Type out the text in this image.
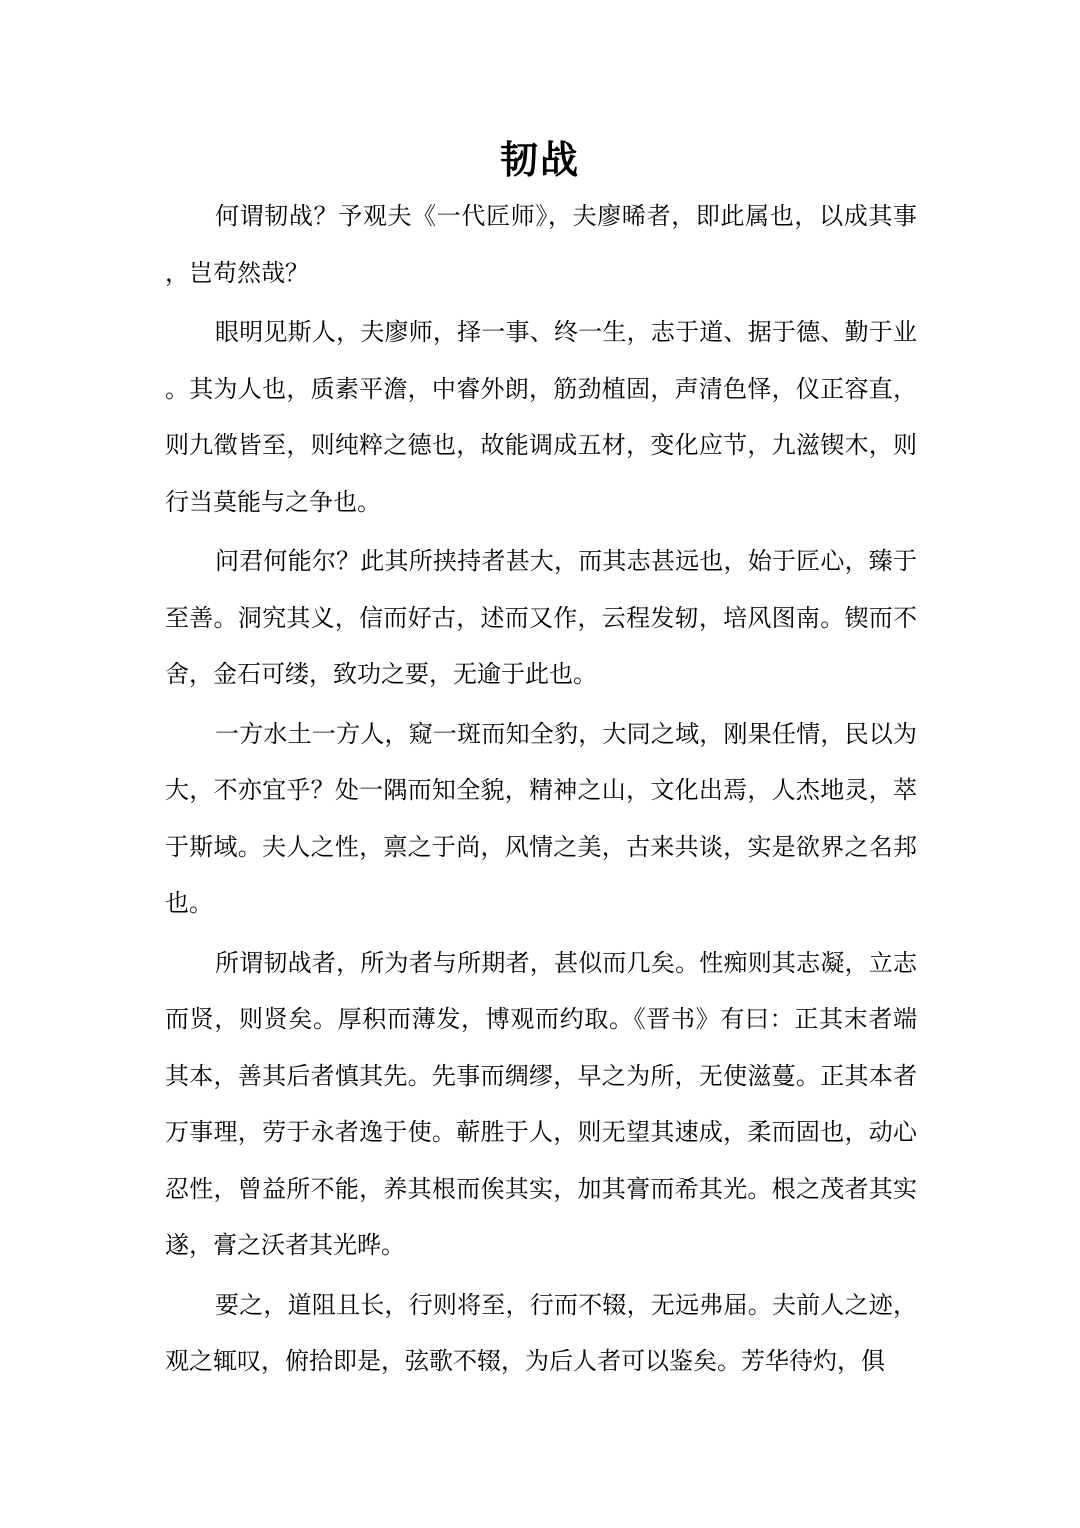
韧战

何谓韧战？予观夫《一代匠师》，夫廖晞者，即此属也，以成其事，岂苟然哉？

眼明见斯人，夫廖师，择一事、终一生，志于道、据于德、勤于业。其为人也，质素平澹，中睿外朗，筋劲植固，声清色怿，仪正容直，则九徵皆至，则纯粹之德也，故能调成五材，变化应节，九滋锲木，则行当莫能与之争也。

问君何能尔？此其所挟持者甚大，而其志甚远也，始于匠心，臻于至善。洞究其义，信而好古，述而又作，云程发轫，培风图南。锲而不舍，金石可缕，致功之要，无逾于此也。

一方水土一方人，窥一斑而知全豹，大同之域，刚果任情，民以为大，不亦宜乎？处一隅而知全貌，精神之山，文化出焉，人杰地灵，萃于斯域。夫人之性，禀之于尚，风情之美，古来共谈，实是欲界之名邦也。

所谓韧战者，所为者与所期者，甚似而几矣。性痴则其志凝，立志而贤，则贤矣。厚积而薄发，博观而约取。《晋书》有曰：正其末者端其本，善其后者慎其先。先事而绸缪，早之为所，无使滋蔓。正其本者万事理，劳于永者逸于使。蕲胜于人，则无望其速成，柔而固也，动心忍性，曾益所不能，养其根而俟其实，加其膏而希其光。根之茂者其实遂，膏之沃者其光晔。

要之，道阻且长，行则将至，行而不辍，无远弗届。夫前人之迹，观之辄叹，俯拾即是，弦歌不辍，为后人者可以鉴矣。芳华待灼，俱
